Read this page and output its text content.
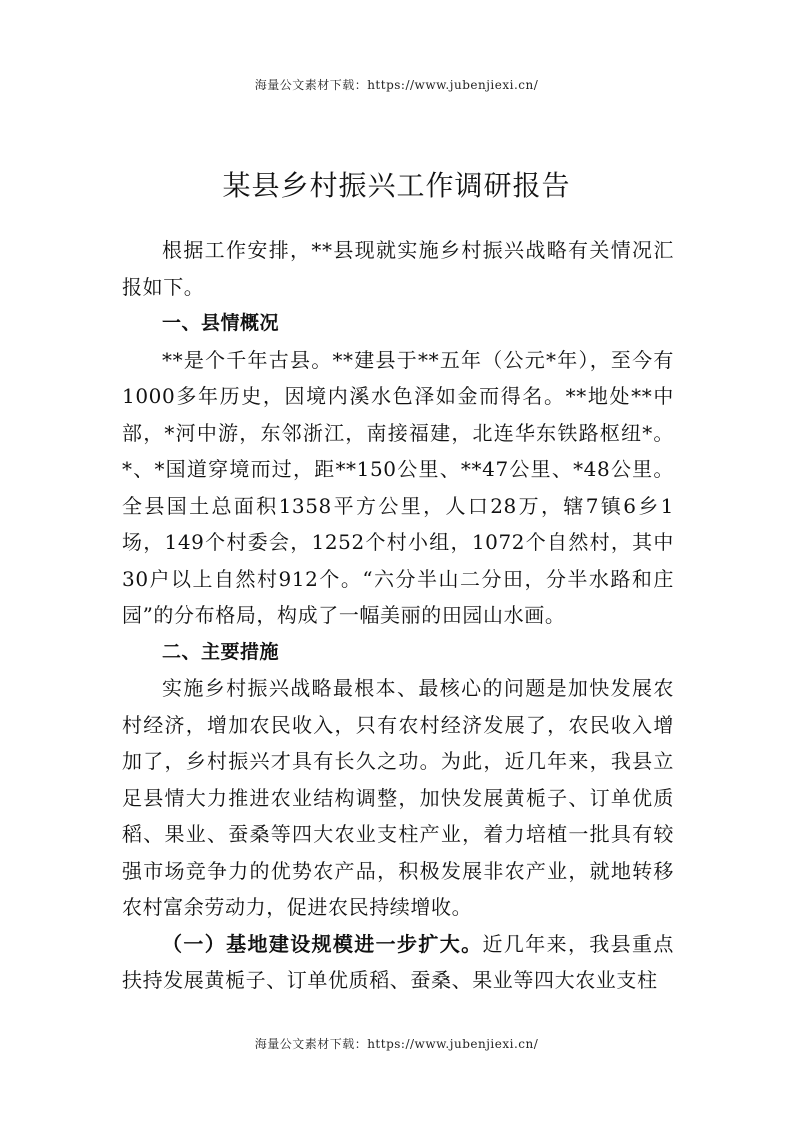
海量公文素材下载：https://www.jubenjiexi.cn/
某县乡村振兴工作调研报告

根据工作安排，**县现就实施乡村振兴战略有关情况汇报如下。

一、县情概况

**是个千年古县。**建县于**五年（公元*年），至今有1000多年历史，因境内溪水色泽如金而得名。**地处**中部，*河中游，东邻浙江，南接福建，北连华东铁路枢纽*。*、*国道穿境而过，距**150公里、**47公里、*48公里。全县国土总面积1358平方公里，人口28万，辖7镇6乡1场，149个村委会，1252个村小组，1072个自然村，其中30户以上自然村912个。“六分半山二分田，分半水路和庄园”的分布格局，构成了一幅美丽的田园山水画。

二、主要措施

实施乡村振兴战略最根本、最核心的问题是加快发展农村经济，增加农民收入，只有农村经济发展了，农民收入增加了，乡村振兴才具有长久之功。为此，近几年来，我县立足县情大力推进农业结构调整，加快发展黄栀子、订单优质稻、果业、蚕桑等四大农业支柱产业，着力培植一批具有较强市场竞争力的优势农产品，积极发展非农产业，就地转移农村富余劳动力，促进农民持续增收。

（一）基地建设规模进一步扩大。近几年来，我县重点扶持发展黄栀子、订单优质稻、蚕桑、果业等四大农业支柱

海量公文素材下载：https://www.jubenjiexi.cn/
